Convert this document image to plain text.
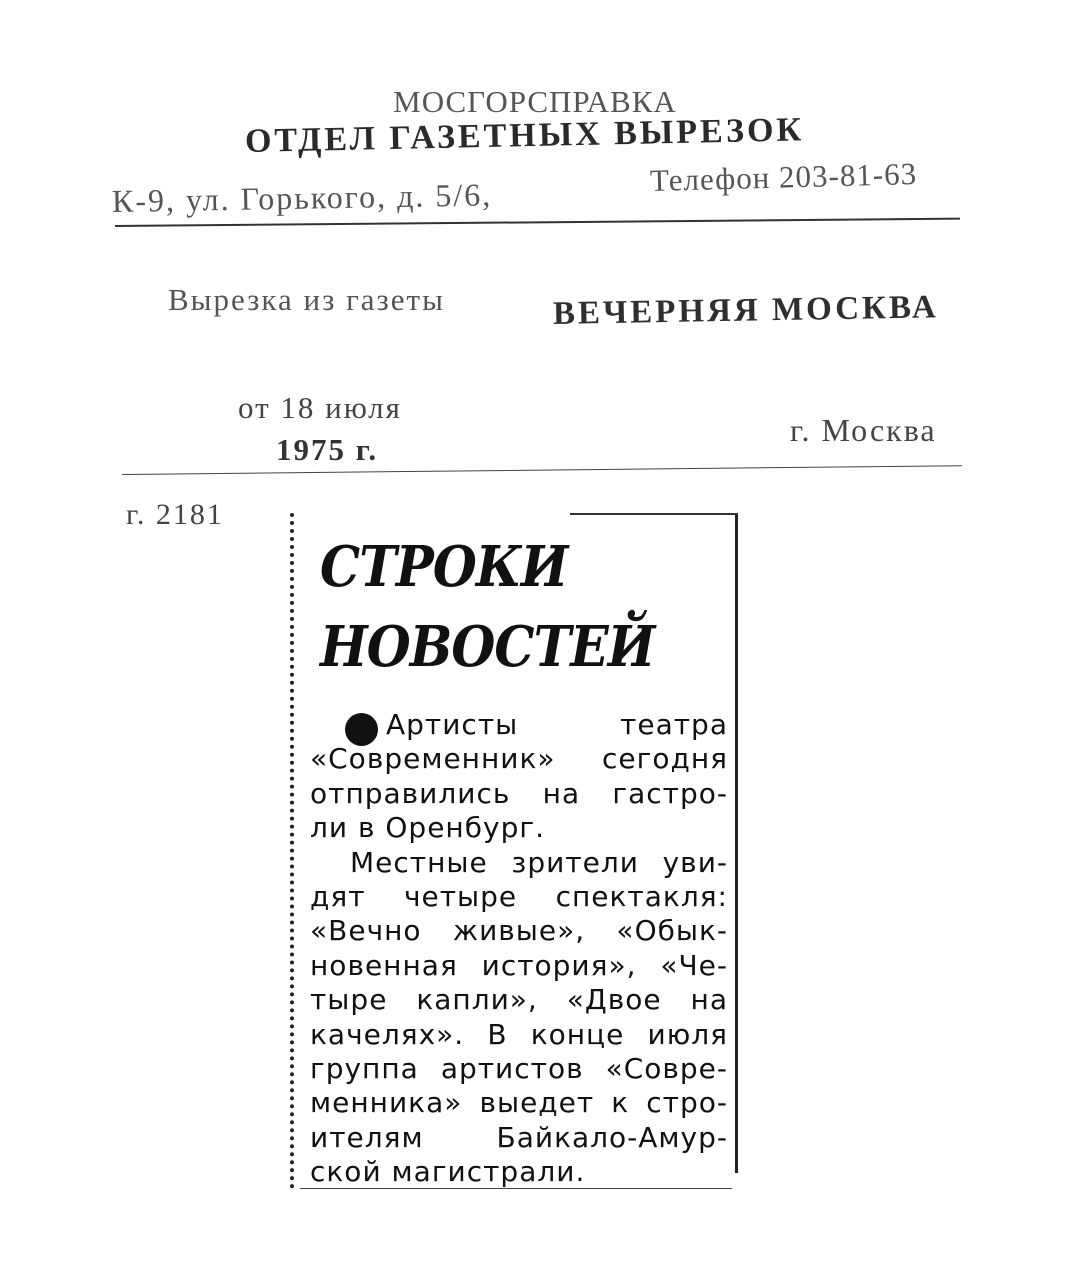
МОСГОРСПРАВКА
ОТДЕЛ ГАЗЕТНЫХ ВЫРЕЗОК
К-9, ул. Горького, д. 5/6,	Телефон 203-81-63
Вырезка из газеты	ВЕЧЕРНЯЯ МОСКВА
от 18 июля
1975 г.
г. Москва
г. 2181
СТРОКИ
НОВОСТЕЙ
Артисты театра
«Современник» сегодня
отправились на гастро-
ли в Оренбург.
Местные зрители уви-
дят четыре спектакля:
«Вечно живые», «Обык-
новенная история», «Че-
тыре капли», «Двое на
качелях». В конце июля
группа артистов «Совре-
менника» выедет к стро-
ителям Байкало-Амур-
ской магистрали.
